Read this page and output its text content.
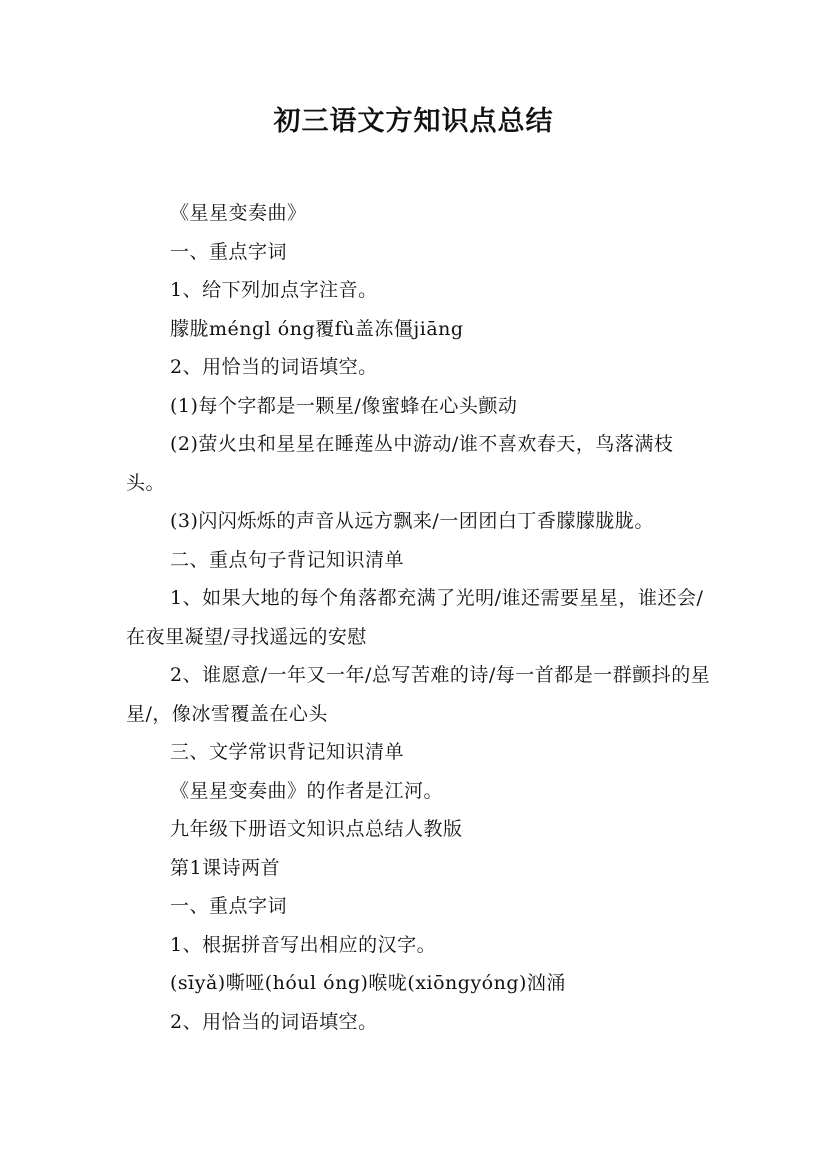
初三语文方知识点总结

《星星变奏曲》

一、重点字词

1、给下列加点字注音。

朦胧méngl óng覆fù盖冻僵jiāng

2、用恰当的词语填空。

(1)每个字都是一颗星/像蜜蜂在心头颤动

(2)萤火虫和星星在睡莲丛中游动/谁不喜欢春天，鸟落满枝头。

(3)闪闪烁烁的声音从远方飘来/一团团白丁香朦朦胧胧。

二、重点句子背记知识清单

1、如果大地的每个角落都充满了光明/谁还需要星星，谁还会/在夜里凝望/寻找遥远的安慰

2、谁愿意/一年又一年/总写苦难的诗/每一首都是一群颤抖的星星/，像冰雪覆盖在心头

三、文学常识背记知识清单

《星星变奏曲》的作者是江河。

九年级下册语文知识点总结人教版

第1课诗两首

一、重点字词

1、根据拼音写出相应的汉字。

(sīyǎ)嘶哑(hóul óng)喉咙(xiōngyóng)汹涌

2、用恰当的词语填空。
